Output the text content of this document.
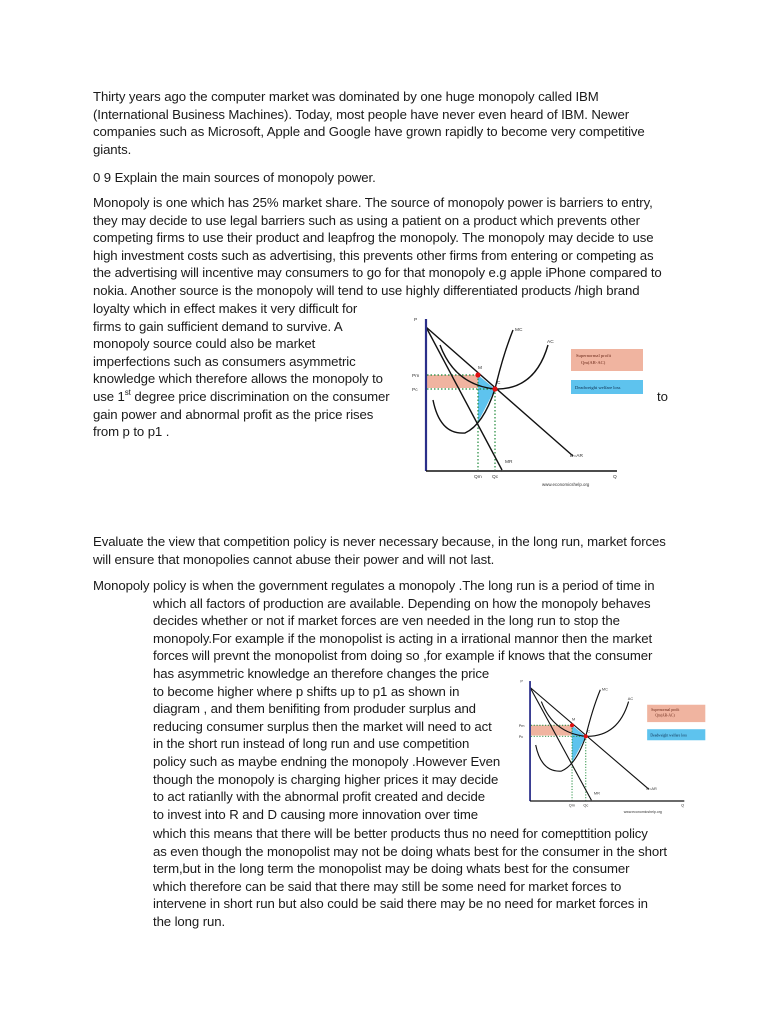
Thirty years ago the computer market was dominated by one huge monopoly called IBM
(International Business Machines). Today, most people have never even heard of IBM. Newer
companies such as Microsoft, Apple and Google have grown rapidly to become very competitive
giants.
0 9 Explain the main sources of monopoly power.
Monopoly is one which has 25% market share. The source of monopoly power is barriers to entry,
they may decide to use legal barriers such as using a patient on a product which prevents other
competing firms to use their product and leapfrog the monopoly. The monopoly may decide to use
high investment costs such as advertising, this prevents other firms from entering or competing as
the advertising will incentive may consumers to go for that monopoly e.g apple iPhone compared to
nokia. Another source is the monopoly will tend to use highly differentiated products /high brand
loyalty which in effect makes it very difficult for
firms to gain sufficient demand to survive. A
monopoly source could also be market
imperfections such as consumers asymmetric
knowledge which therefore allows the monopoly to
use 1st degree price discrimination on the consumer
gain power and abnormal profit as the price rises
from p to p1 .
to
P
Pm
Pc
Qm Qc	Q
MC
AC
MR
D=AR
M
C
www.economicshelp.org
Supernormal profit
Qm(AR-AC)
Deadweight welfare loss
Evaluate the view that competition policy is never necessary because, in the long run, market forces
will ensure that monopolies cannot abuse their power and will not last.
Monopoly policy is when the government regulates a monopoly .The long run is a period of time in
which all factors of production are available. Depending on how the monopoly behaves
decides whether or not if market forces are ven needed in the long run to stop the
monopoly.For example if the monopolist is acting in a irrational mannor then the market
forces will prevnt the monopolist from doing so ,for example if knows that the consumer
has asymmetric knowledge an therefore changes the price
to become higher where p shifts up to p1 as shown in
diagram , and them benifiting from produder surplus and
reducing consumer surplus then the market will need to act
in the short run instead of long run and use competition
policy such as maybe endning the monopoly .However Even
though the monopoly is charging higher prices it may decide
to act ratianlly with the abnormal profit created and decide
to invest into R and D causing more innovation over time
which this means that there will be better products thus no need for comepttition policy
as even though the monopolist may not be doing whats best for the consumer in the short
term,but in the long term the monopolist may be doing whats best for the consumer
which therefore can be said that there may still be some need for market forces to
intervene in short run but also could be said there may be no need for market forces in
the long run.
P
Pm
Pc
Qm Qc	Q
MC
AC
MR
D=AR
M
C
www.economicshelp.org
Supernormal profit
Qm(AR-AC)
Deadweight welfare loss
